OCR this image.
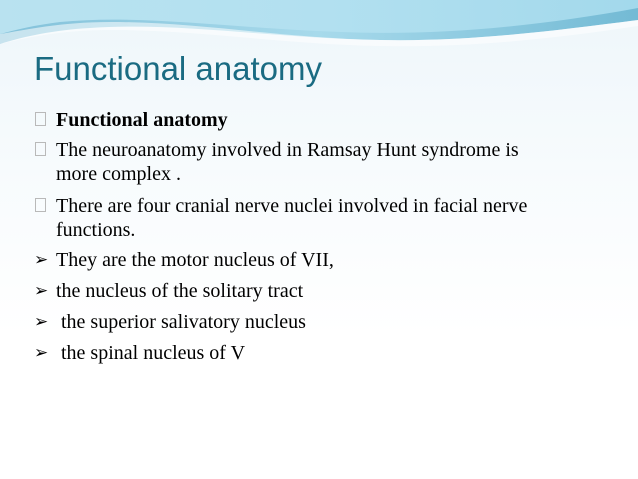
Functional anatomy
Functional anatomy
The neuroanatomy involved in Ramsay Hunt syndrome is more complex .
There are four cranial nerve nuclei involved in facial nerve functions.
➢ They are the motor nucleus of VII,
➢ the nucleus of the solitary tract
➢ the superior salivatory nucleus
➢ the spinal nucleus of V
